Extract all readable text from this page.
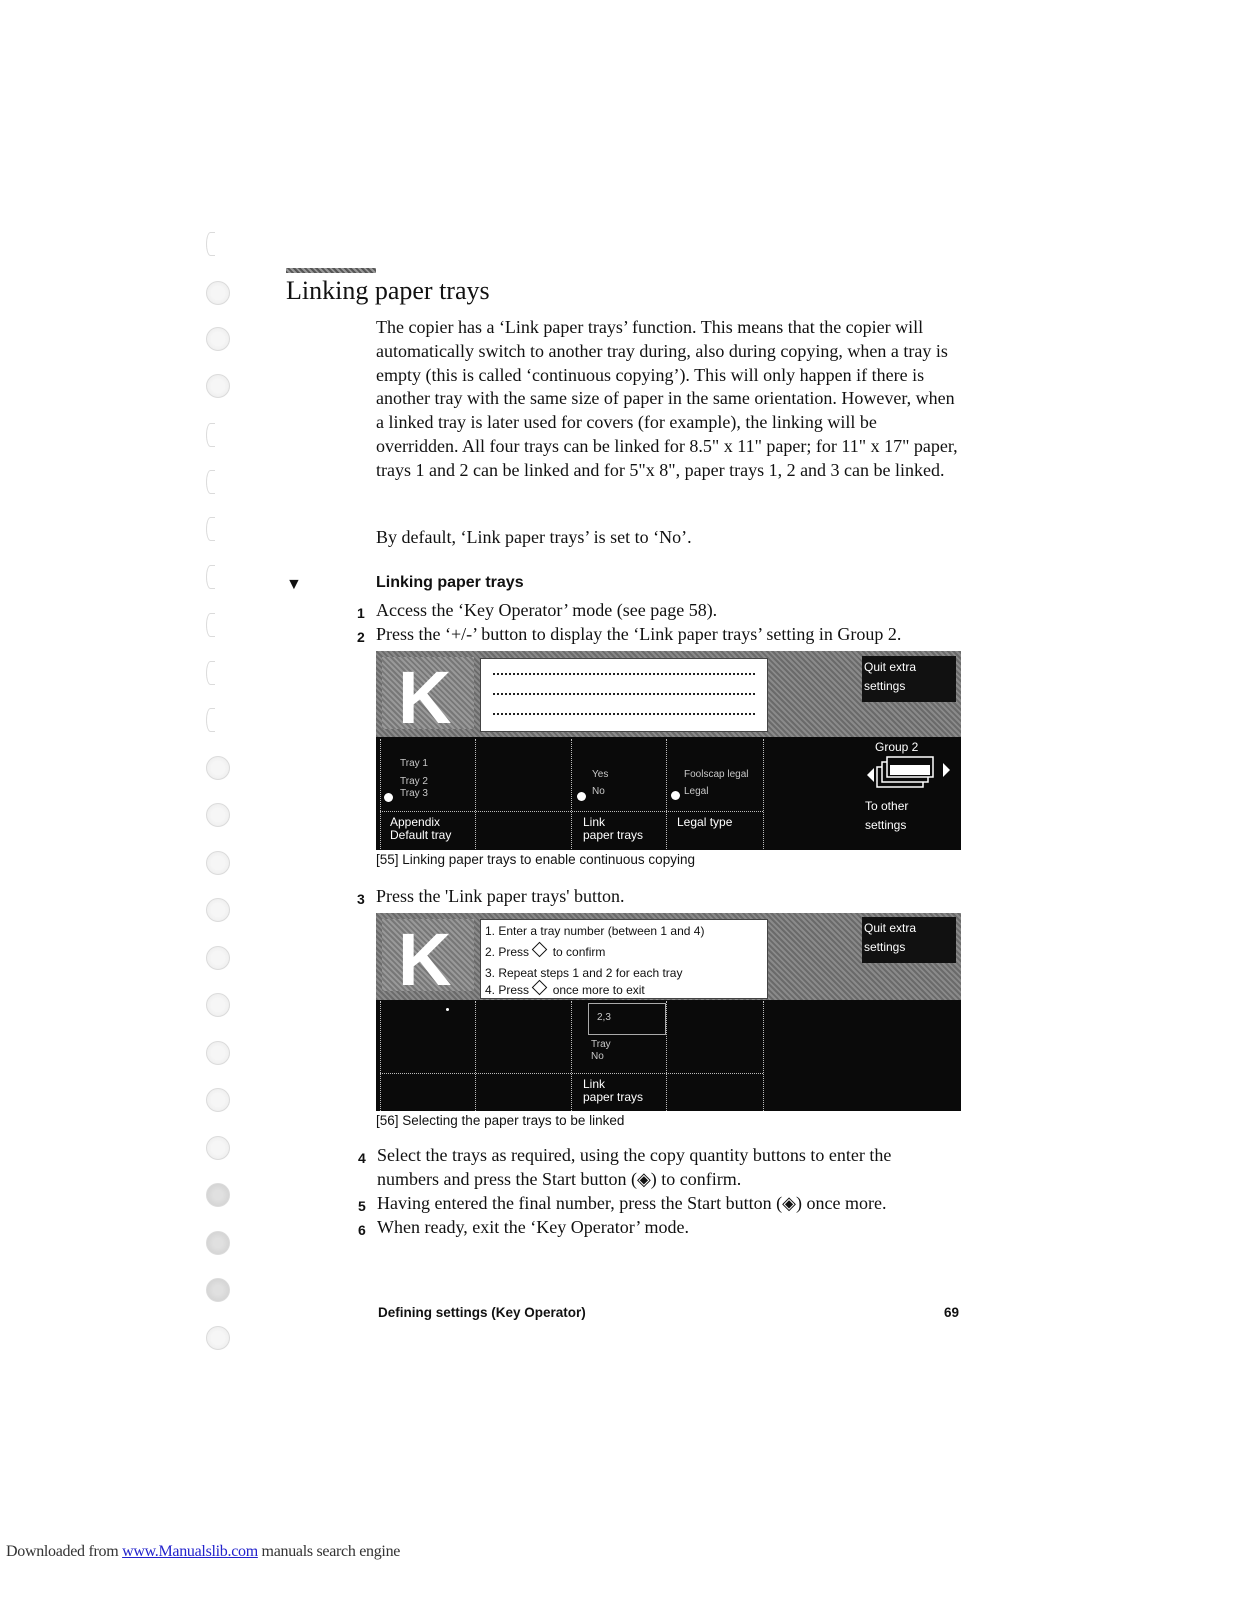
Linking paper trays

The copier has a ‘Link paper trays’ function. This means that the copier will automatically switch to another tray during, also during copying, when a tray is empty (this is called ‘continuous copying’). This will only happen if there is another tray with the same size of paper in the same orientation. However, when a linked tray is later used for covers (for example), the linking will be overridden. All four trays can be linked for 8.5" x 11" paper; for 11" x 17" paper, trays 1 and 2 can be linked and for 5"x 8", paper trays 1, 2 and 3 can be linked.

By default, ‘Link paper trays’ is set to ‘No’.
▼	Linking paper trays
1 Access the ‘Key Operator’ mode (see page 58).
2 Press the ‘+/-’ button to display the ‘Link paper trays’ setting in Group 2.
K	Quit extra
settings
Tray 1
Tray 2
Tray 3
Appendix
Default tray
Yes
No
Link
paper trays
Foolscap legal
Legal
Legal type
Group 2
To other
settings
[55] Linking paper trays to enable continuous copying
3 Press the 'Link paper trays' button.
K	1. Enter a tray number (between 1 and 4)
2. Press to confirm
3. Repeat steps 1 and 2 for each tray
4. Press once more to exit
Quit extra
settings
2,3
Tray
No
Link
paper trays
[56] Selecting the paper trays to be linked
4 Select the trays as required, using the copy quantity buttons to enter the numbers and press the Start button (◈) to confirm.
5 Having entered the final number, press the Start button (◈) once more.
6 When ready, exit the ‘Key Operator’ mode.
Defining settings (Key Operator)	69
Downloaded from www.Manualslib.com manuals search engine
